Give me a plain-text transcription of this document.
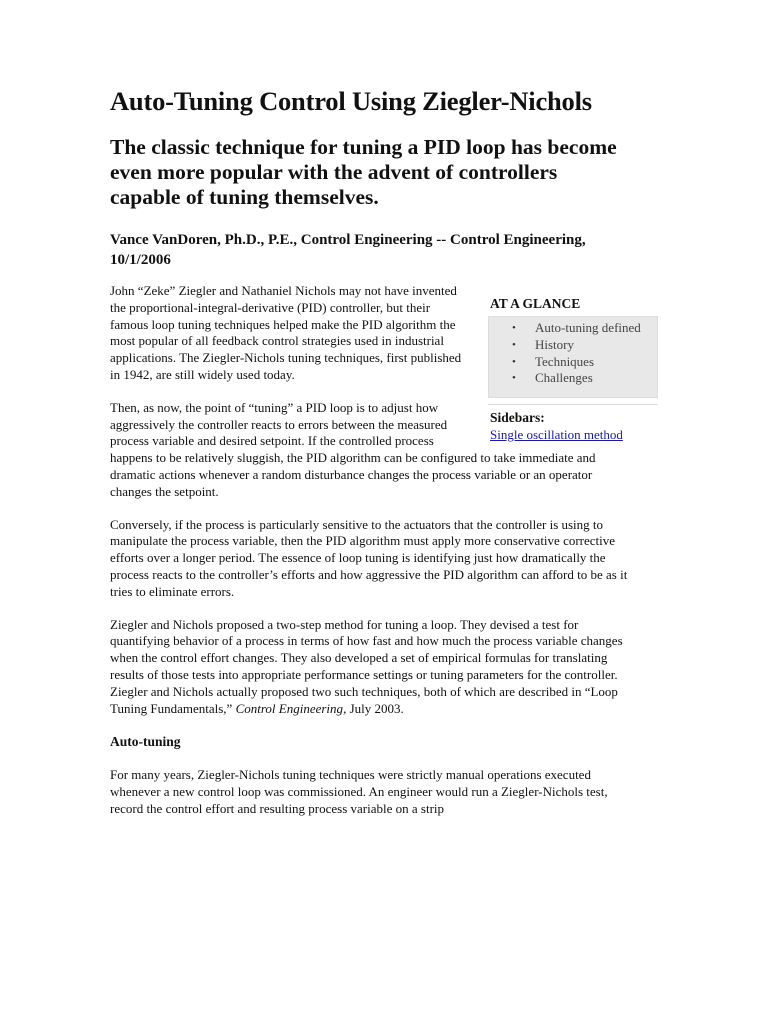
Auto-Tuning Control Using Ziegler-Nichols
The classic technique for tuning a PID loop has become even more popular with the advent of controllers capable of tuning themselves.
Vance VanDoren, Ph.D., P.E., Control Engineering -- Control Engineering, 10/1/2006
AT A GLANCE
• Auto-tuning defined
• History
• Techniques
• Challenges
Sidebars:
Single oscillation method

John “Zeke” Ziegler and Nathaniel Nichols may not have invented the proportional-integral-derivative (PID) controller, but their famous loop tuning techniques helped make the PID algorithm the most popular of all feedback control strategies used in industrial applications. The Ziegler-Nichols tuning techniques, first published in 1942, are still widely used today.

Then, as now, the point of “tuning” a PID loop is to adjust how aggressively the controller reacts to errors between the measured process variable and desired setpoint. If the controlled process happens to be relatively sluggish, the PID algorithm can be configured to take immediate and dramatic actions whenever a random disturbance changes the process variable or an operator changes the setpoint.

Conversely, if the process is particularly sensitive to the actuators that the controller is using to manipulate the process variable, then the PID algorithm must apply more conservative corrective efforts over a longer period. The essence of loop tuning is identifying just how dramatically the process reacts to the controller’s efforts and how aggressive the PID algorithm can afford to be as it tries to eliminate errors.

Ziegler and Nichols proposed a two-step method for tuning a loop. They devised a test for quantifying behavior of a process in terms of how fast and how much the process variable changes when the control effort changes. They also developed a set of empirical formulas for translating results of those tests into appropriate performance settings or tuning parameters for the controller. Ziegler and Nichols actually proposed two such techniques, both of which are described in “Loop Tuning Fundamentals,” Control Engineering, July 2003.

Auto-tuning

For many years, Ziegler-Nichols tuning techniques were strictly manual operations executed whenever a new control loop was commissioned. An engineer would run a Ziegler-Nichols test, record the control effort and resulting process variable on a strip
